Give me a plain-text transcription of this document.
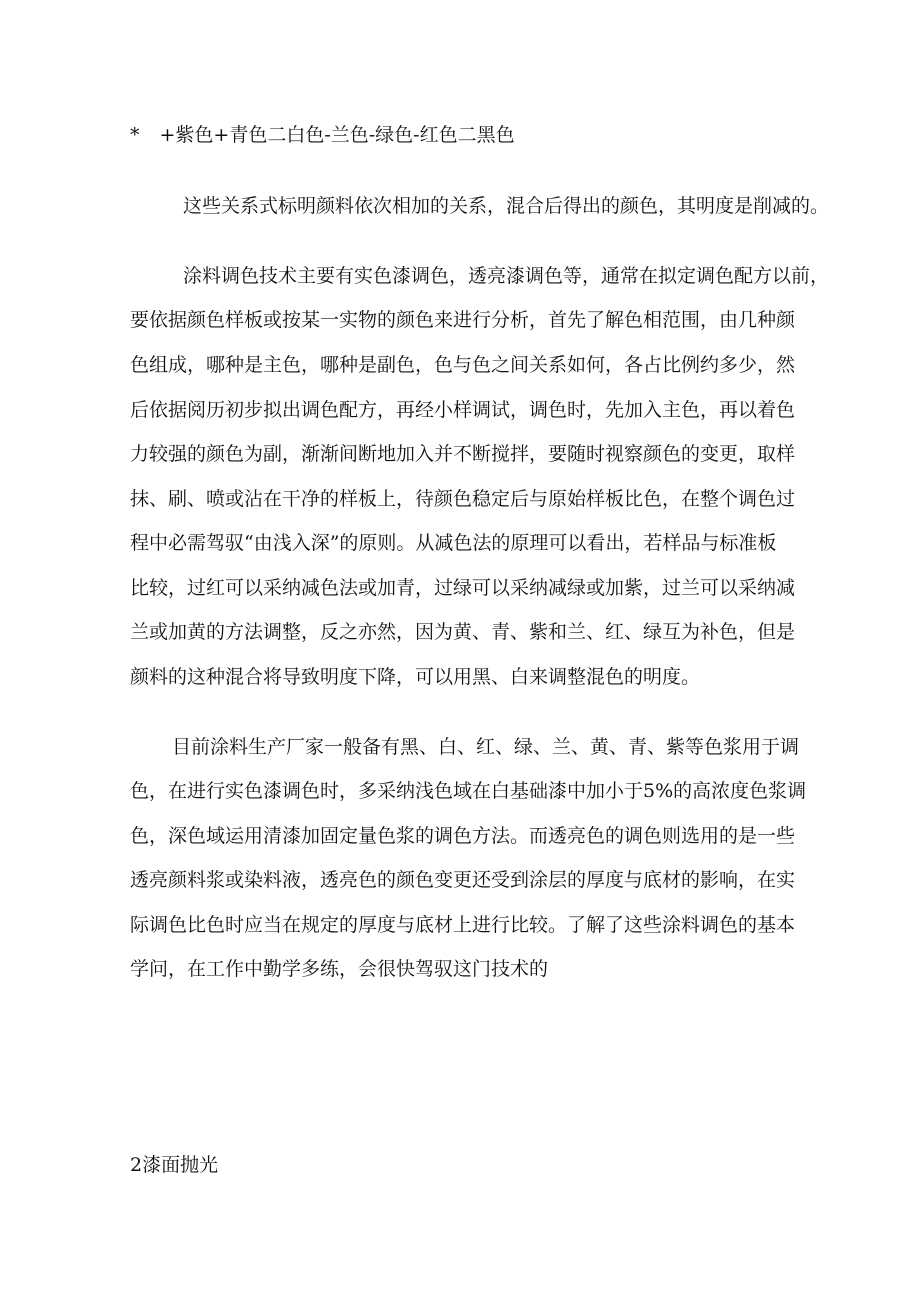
* +紫色+青色二白色-兰色-绿色-红色二黑色
这些关系式标明颜料依次相加的关系，混合后得出的颜色，其明度是削减的。
涂料调色技术主要有实色漆调色，透亮漆调色等，通常在拟定调色配方以前，
要依据颜色样板或按某一实物的颜色来进行分析，首先了解色相范围，由几种颜
色组成，哪种是主色，哪种是副色，色与色之间关系如何，各占比例约多少，然
后依据阅历初步拟出调色配方，再经小样调试，调色时，先加入主色，再以着色
力较强的颜色为副，渐渐间断地加入并不断搅拌，要随时视察颜色的变更，取样
抹、刷、喷或沾在干净的样板上，待颜色稳定后与原始样板比色，在整个调色过
程中必需驾驭“由浅入深”的原则。从减色法的原理可以看出，若样品与标准板
比较，过红可以采纳减色法或加青，过绿可以采纳减绿或加紫，过兰可以采纳减
兰或加黄的方法调整，反之亦然，因为黄、青、紫和兰、红、绿互为补色，但是
颜料的这种混合将导致明度下降，可以用黑、白来调整混色的明度。
目前涂料生产厂家一般备有黑、白、红、绿、兰、黄、青、紫等色浆用于调
色，在进行实色漆调色时，多采纳浅色域在白基础漆中加小于5%的高浓度色浆调
色，深色域运用清漆加固定量色浆的调色方法。而透亮色的调色则选用的是一些
透亮颜料浆或染料液，透亮色的颜色变更还受到涂层的厚度与底材的影响，在实
际调色比色时应当在规定的厚度与底材上进行比较。了解了这些涂料调色的基本
学问，在工作中勤学多练，会很快驾驭这门技术的
2漆面抛光
